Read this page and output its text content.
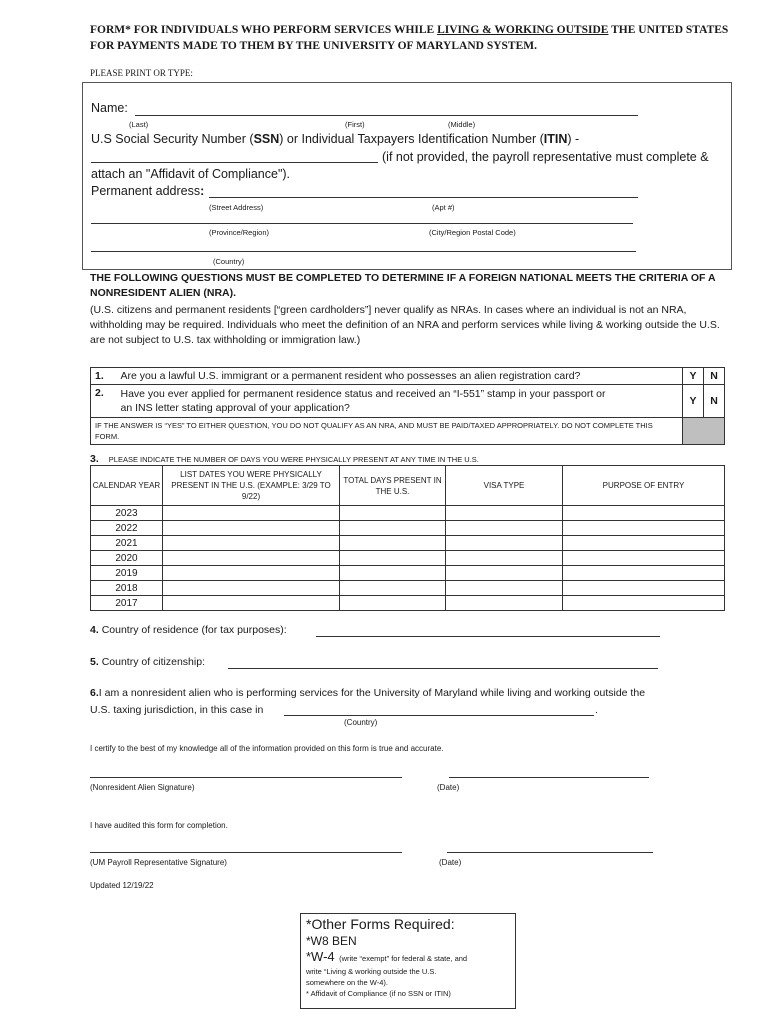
FORM* FOR INDIVIDUALS WHO PERFORM SERVICES WHILE LIVING & WORKING OUTSIDE THE UNITED STATES FOR PAYMENTS MADE TO THEM BY THE UNIVERSITY OF MARYLAND SYSTEM.
PLEASE PRINT OR TYPE:
Name:
(Last)	(First)	(Middle)
U.S Social Security Number (SSN) or Individual Taxpayers Identification Number (ITIN) -
(if not provided, the payroll representative must complete &
attach an "Affidavit of Compliance").
Permanent address:
(Street Address)	(Apt #)
(Province/Region)	(City/Region Postal Code)
(Country)
THE FOLLOWING QUESTIONS MUST BE COMPLETED TO DETERMINE IF A FOREIGN NATIONAL MEETS THE CRITERIA OF A NONRESIDENT ALIEN (NRA).
(U.S. citizens and permanent residents [“green cardholders”] never qualify as NRAs. In cases where an individual is not an NRA, withholding may be required. Individuals who meet the definition of an NRA and perform services while living & working outside the U.S. are not subject to U.S. tax withholding or immigration law.)
1.	Are you a lawful U.S. immigrant or a permanent resident who possesses an alien registration card?	Y	N
2.	Have you ever applied for permanent residence status and received an “I-551” stamp in your passport or an INS letter stating approval of your application?	Y	N
IF THE ANSWER IS “YES” TO EITHER QUESTION, YOU DO NOT QUALIFY AS AN NRA, AND MUST BE PAID/TAXED APPROPRIATELY. DO NOT COMPLETE THIS FORM.			
3. PLEASE INDICATE THE NUMBER OF DAYS YOU WERE PHYSICALLY PRESENT AT ANY TIME IN THE U.S.
CALENDAR YEAR	LIST DATES YOU WERE PHYSICALLY PRESENT IN THE U.S. (EXAMPLE: 3/29 TO 9/22)	TOTAL DAYS PRESENT IN THE U.S.	VISA TYPE	PURPOSE OF ENTRY
2023				
2022				
2021				
2020				
2019				
2018				
2017				
4. Country of residence (for tax purposes):
5. Country of citizenship:
6.I am a nonresident alien who is performing services for the University of Maryland while living and working outside the
U.S. taxing jurisdiction, in this case in	.
(Country)
I certify to the best of my knowledge all of the information provided on this form is true and accurate.
(Nonresident Alien Signature)	(Date)
I have audited this form for completion.
(UM Payroll Representative Signature)	(Date)
Updated 12/19/22
*Other Forms Required:
*W8 BEN
*W-4 (write “exempt” for federal & state, and
write “Living & working outside the U.S.
somewhere on the W-4).
* Affidavit of Compliance (if no SSN or ITIN)
